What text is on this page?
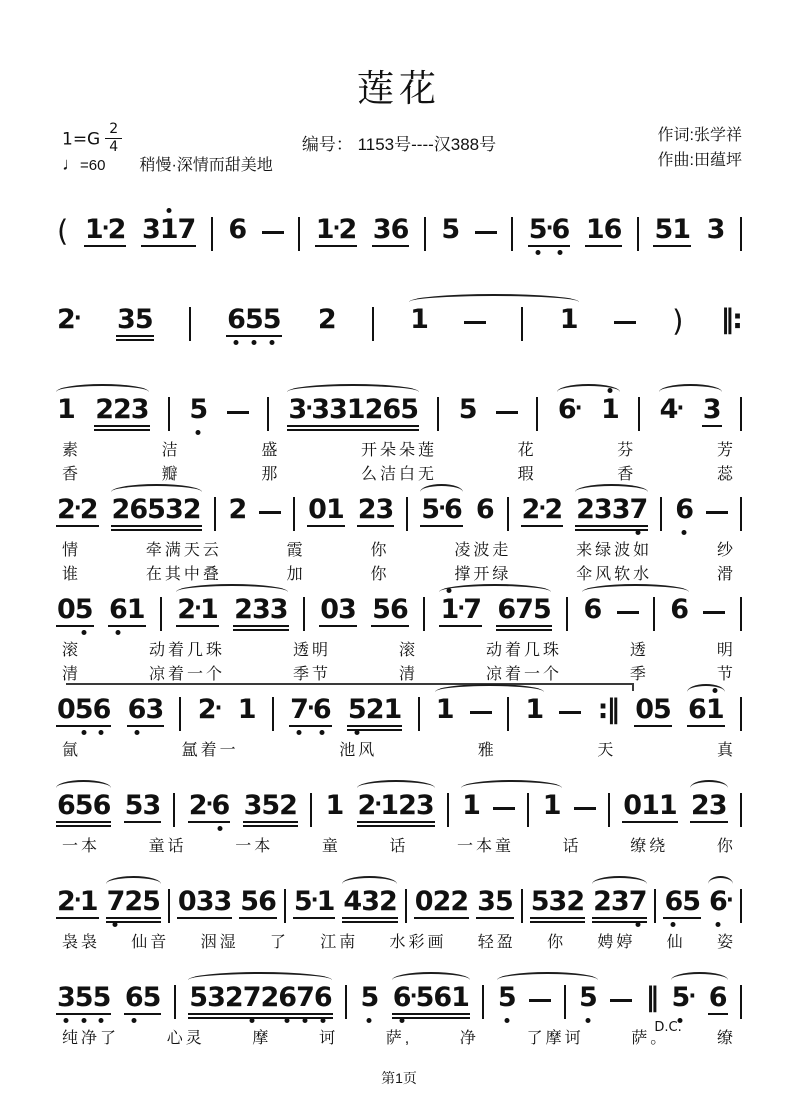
莲花
$1=G \frac{2}{4}$
♩=60 稍慢·深情而甜美地
编号： 1153号----汉388号	作词:张学祥
作曲:田蕴坪
( 1·2 31
7 6	1·2 36 5	5
·6 16 51 3
2· 35	6
5
5 2	1	1	) ‖:
1 223 5	3·331265 5	6· 1 4· 3
素	洁	盛	开朵朵莲	花	芬	芳
香	瓣	那	么洁白无	瑕	香	蕊
2·2 26532 2 01 23 5·6 6 2·2 2337 6
情	牵满天云	霞	你	凌波走	来绿波如	纱
谁	在其中叠	加	你	撑开绿	伞风软水	滑
05 6
1 2·1 233 03 56 1
·7 675 6	6
滚	动着几珠	透明	滚	动着几珠	透	明
清	凉着一个	季节	清	凉着一个	季	节
05
6 6
3 2· 1 7
·6 5
21 1	1 :‖ 05 61
氤	氲着一	池风	雅	天	真
656 53 2·6 352 1 2·123 1 1 011 23
一本	童话	一本	童	话	一本童	话	缭绕	你
2·1 7
25 033 56 5·1 432 022 35 532 237 6
5 6
·
袅袅 仙音 洇湿 了 江南 水彩画 轻盈 你 娉婷 仙 姿
3
5
5 6
5 5327
26
7
6 5 6
·561 5 5 ‖ 5
·
D.C.
6
纯净了	心灵	摩	诃	萨,	净	了摩诃	萨。	缭
第1页
